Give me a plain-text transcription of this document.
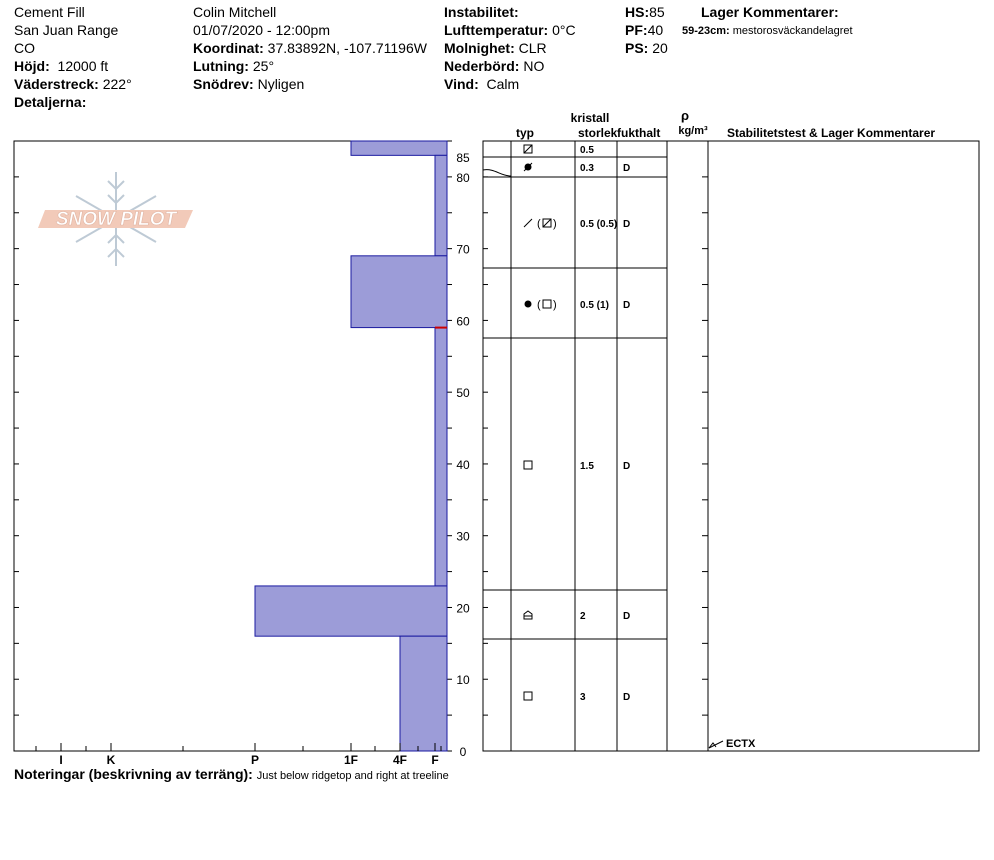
Cement Fill
San Juan Range
CO
Höjd: 12000 ft
Väderstreck: 222°
Detaljerna:
Colin Mitchell
01/07/2020 - 12:00pm
Koordinat: 37.83892N, -107.71196W
Lutning: 25°
Snödrev: Nyligen
Instabilitet:
Lufttemperatur: 0°C
Molnighet: CLR
Nederbörd: NO
Vind: Calm
HS:85
PF:40
PS: 20
Lager Kommentarer:
59-23cm: mestorosväckandelagret
SNOW PILOT
0
10
20
30
40
50
60
70
80
85
I	K	P	1F	4F F
kristall
typ	storlek fukthalt
ρ
kg/m³ Stabilitetstest & Lager Kommentarer
0.5
0.3	D
( ) 0.5 (0.5) D
( ) 0.5 (1) D
1.5	D
2	D
3	D
ECTX
Noteringar (beskrivning av terräng): Just below ridgetop and right at treeline
